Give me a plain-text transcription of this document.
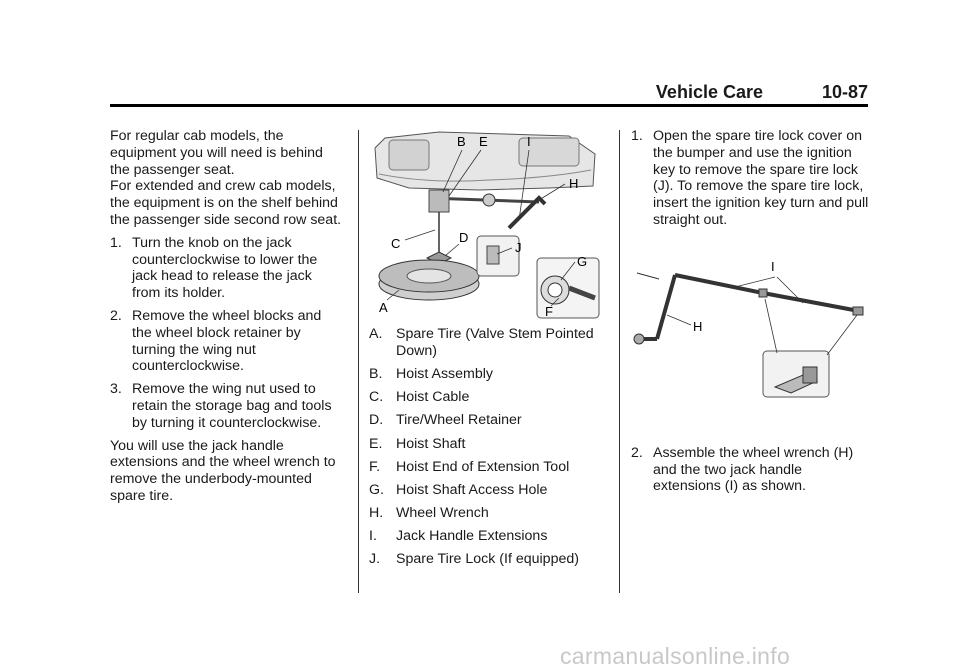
Vehicle Care	10-87

For regular cab models, the equipment you will need is behind the passenger seat.

For extended and crew cab models, the equipment is on the shelf behind the passenger side second row seat.

1. Turn the knob on the jack counterclockwise to lower the jack head to release the jack from its holder.
2. Remove the wheel blocks and the wheel block retainer by turning the wing nut counterclockwise.
3. Remove the wing nut used to retain the storage bag and tools by turning it counterclockwise.

You will use the jack handle extensions and the wheel wrench to remove the underbody-mounted spare tire.

B E	I
H
C	D
J
G
A	F
A. Spare Tire (Valve Stem Pointed Down)
B. Hoist Assembly
C. Hoist Cable
D. Tire/Wheel Retainer
E. Hoist Shaft
F. Hoist End of Extension Tool
G. Hoist Shaft Access Hole
H. Wheel Wrench
I. Jack Handle Extensions
J. Spare Tire Lock (If equipped)
1. Open the spare tire lock cover on the bumper and use the ignition key to remove the spare tire lock (J). To remove the spare tire lock, insert the ignition key turn and pull straight out.
I
H
2. Assemble the wheel wrench (H) and the two jack handle extensions (I) as shown.
carmanualsonline.info
